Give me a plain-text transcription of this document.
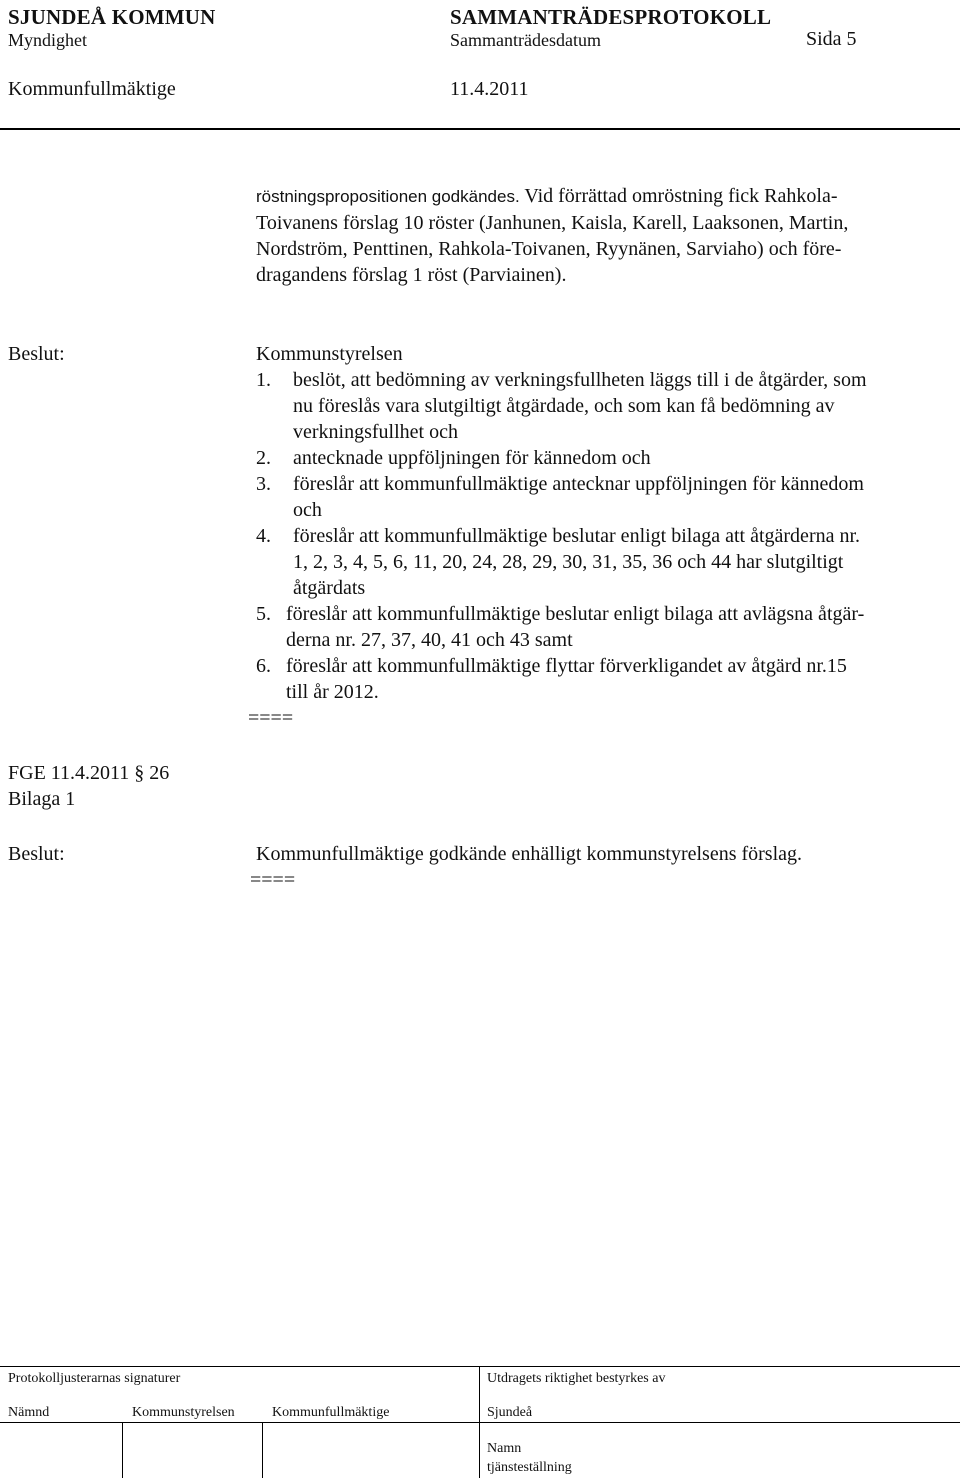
SJUNDEÅ KOMMUN	SAMMANTRÄDESPROTOKOLL
Myndighet	Sammanträdesdatum	Sida 5
Kommunfullmäktige	11.4.2011
röstningspropositionen godkändes. Vid förrättad omröstning fick Rahkola-
Toivanens förslag 10 röster (Janhunen, Kaisla, Karell, Laaksonen, Martin,
Nordström, Penttinen, Rahkola-Toivanen, Ryynänen, Sarviaho) och före-
dragandens förslag 1 röst (Parviainen).
Beslut:	Kommunstyrelsen
1. beslöt, att bedömning av verkningsfullheten läggs till i de åtgärder, som
nu föreslås vara slutgiltigt åtgärdade, och som kan få bedömning av
verkningsfullhet och
2. antecknade uppföljningen för kännedom och
3. föreslår att kommunfullmäktige antecknar uppföljningen för kännedom
och
4. föreslår att kommunfullmäktige beslutar enligt bilaga att åtgärderna nr.
1, 2, 3, 4, 5, 6, 11, 20, 24, 28, 29, 30, 31, 35, 36 och 44 har slutgiltigt
åtgärdats
5. föreslår att kommunfullmäktige beslutar enligt bilaga att avlägsna åtgär-
derna nr. 27, 37, 40, 41 och 43 samt
6. föreslår att kommunfullmäktige flyttar förverkligandet av åtgärd nr.15
till år 2012.
====
FGE 11.4.2011 § 26
Bilaga 1
Beslut:	Kommunfullmäktige godkände enhälligt kommunstyrelsens förslag.
====
Protokolljusterarnas signaturer	Utdragets riktighet bestyrkes av
Nämnd	Kommunstyrelsen	Kommunfullmäktige	Sjundeå
Namn
tjänsteställning
